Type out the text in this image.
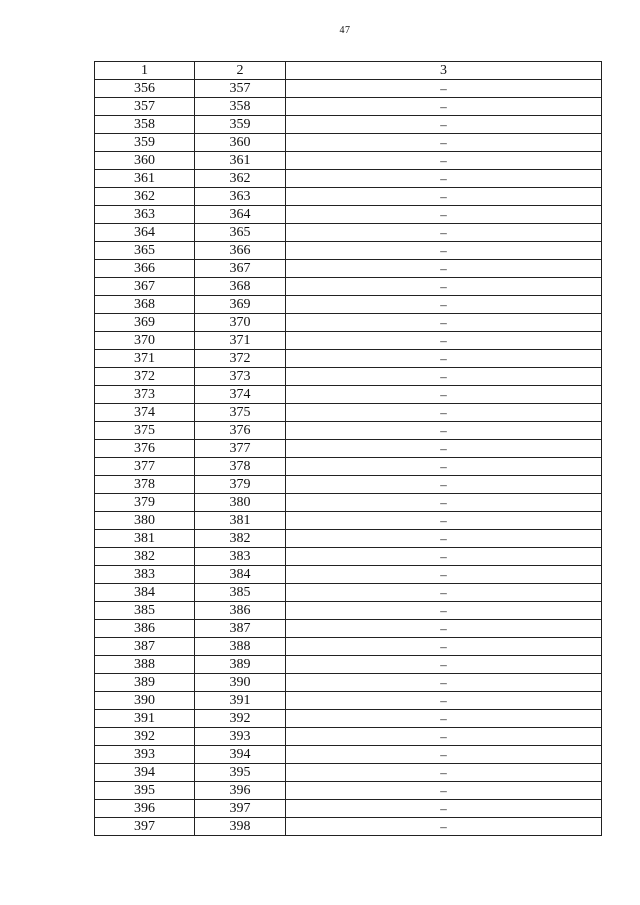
47
1	2	3
356	357	–
357	358	–
358	359	–
359	360	–
360	361	–
361	362	–
362	363	–
363	364	–
364	365	–
365	366	–
366	367	–
367	368	–
368	369	–
369	370	–
370	371	–
371	372	–
372	373	–
373	374	–
374	375	–
375	376	–
376	377	–
377	378	–
378	379	–
379	380	–
380	381	–
381	382	–
382	383	–
383	384	–
384	385	–
385	386	–
386	387	–
387	388	–
388	389	–
389	390	–
390	391	–
391	392	–
392	393	–
393	394	–
394	395	–
395	396	–
396	397	–
397	398	–
